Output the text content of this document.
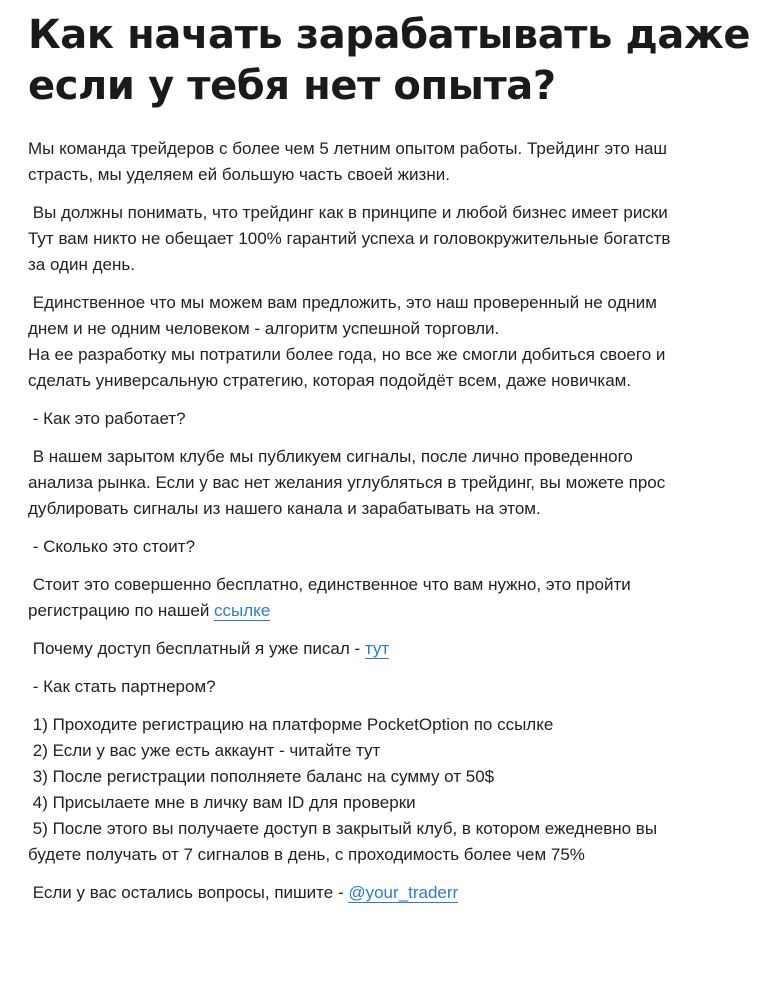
Как начать зарабатывать даже
если у тебя нет опыта?
Мы команда трейдеров с более чем 5 летним опытом работы. Трейдинг это наш
страсть, мы уделяем ей большую часть своей жизни.
Вы должны понимать, что трейдинг как в принципе и любой бизнес имеет риски
Тут вам никто не обещает 100% гарантий успеха и головокружительные богатств
за один день.
Единственное что мы можем вам предложить, это наш проверенный не одним
днем и не одним человеком - алгоритм успешной торговли.
На ее разработку мы потратили более года, но все же смогли добиться своего и
сделать универсальную стратегию, которая подойдёт всем, даже новичкам.
- Как это работает?
В нашем зарытом клубе мы публикуем сигналы, после лично проведенного
анализа рынка. Если у вас нет желания углубляться в трейдинг, вы можете прос
дублировать сигналы из нашего канала и зарабатывать на этом.
- Сколько это стоит?
Стоит это совершенно бесплатно, единственное что вам нужно, это пройти
регистрацию по нашей ссылке
Почему доступ бесплатный я уже писал - тут
- Как стать партнером?
1) Проходите регистрацию на платформе PocketOption по ссылке
2) Если у вас уже есть аккаунт - читайте тут
3) После регистрации пополняете баланс на сумму от 50$
4) Присылаете мне в личку вам ID для проверки
5) После этого вы получаете доступ в закрытый клуб, в котором ежедневно вы
будете получать от 7 сигналов в день, с проходимость более чем 75%
Если у вас остались вопросы, пишите - @your_traderr
